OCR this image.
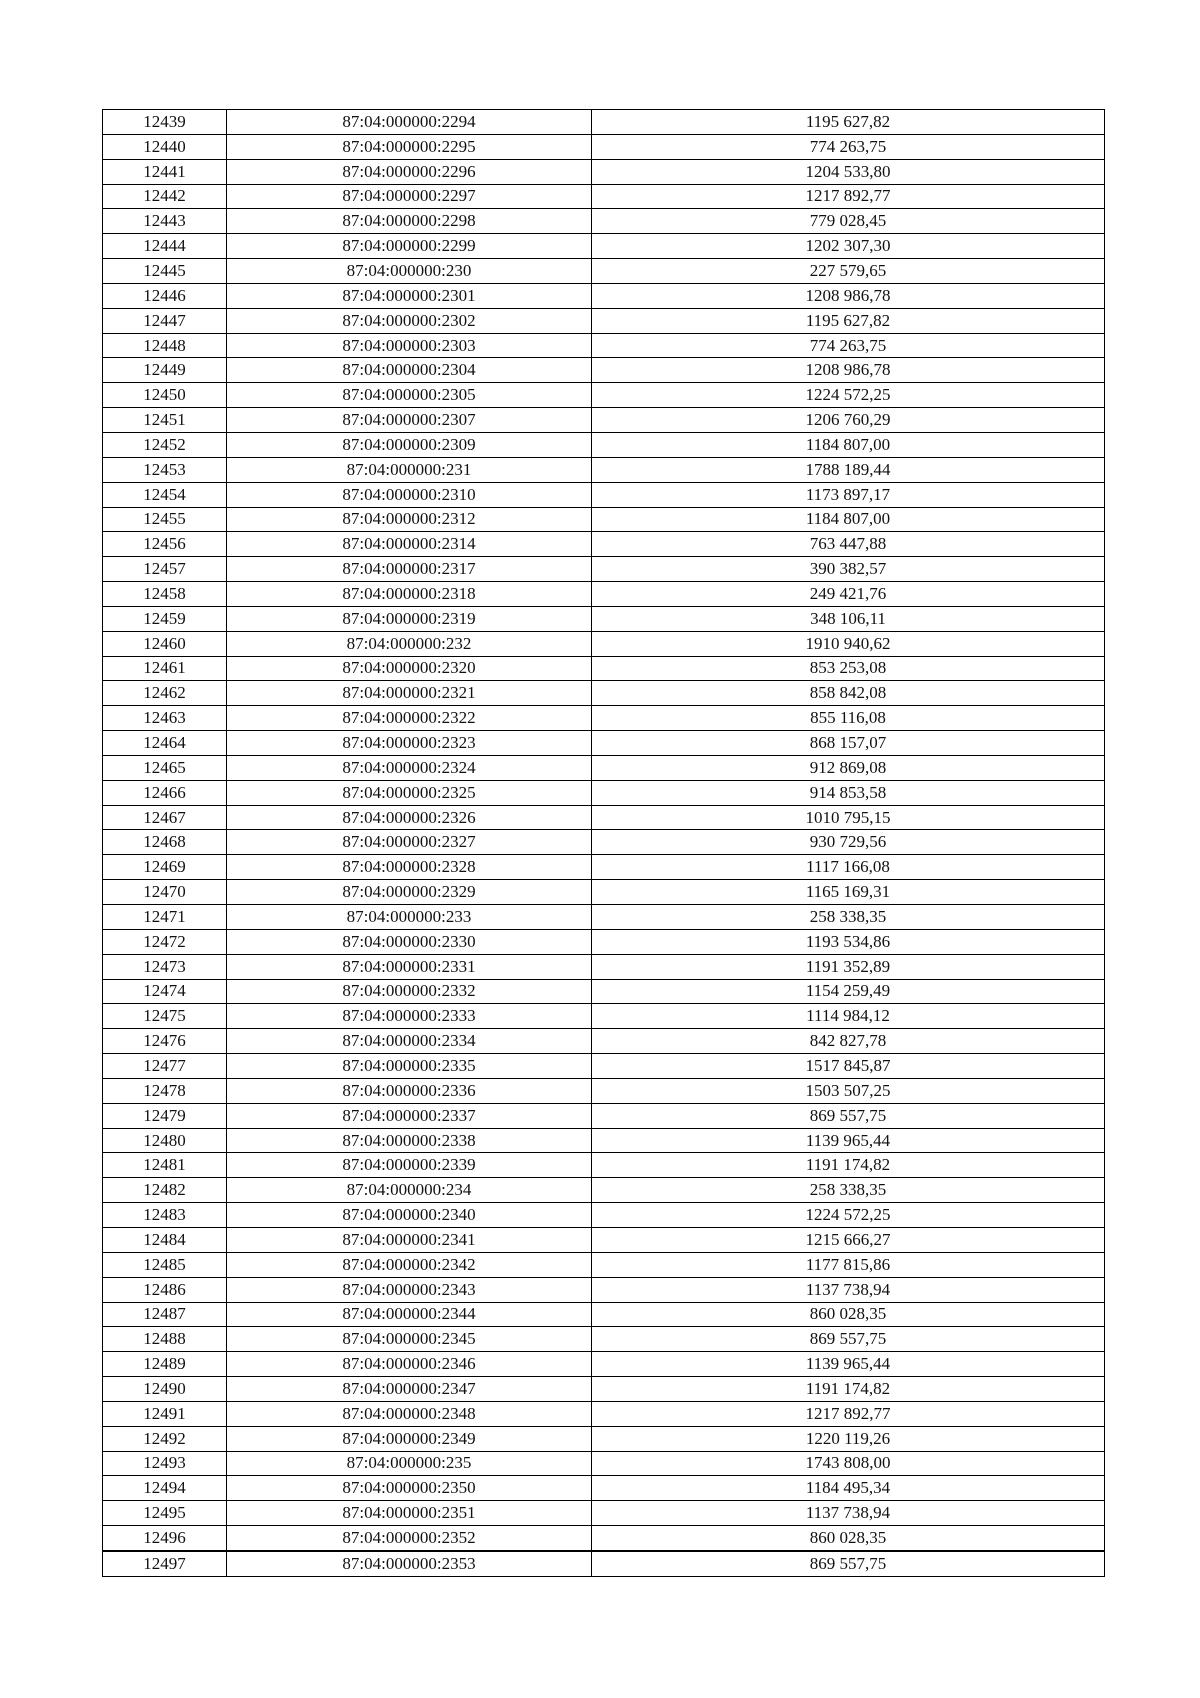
12439	87:04:000000:2294	1195 627,82
12440	87:04:000000:2295	774 263,75
12441	87:04:000000:2296	1204 533,80
12442	87:04:000000:2297	1217 892,77
12443	87:04:000000:2298	779 028,45
12444	87:04:000000:2299	1202 307,30
12445	87:04:000000:230	227 579,65
12446	87:04:000000:2301	1208 986,78
12447	87:04:000000:2302	1195 627,82
12448	87:04:000000:2303	774 263,75
12449	87:04:000000:2304	1208 986,78
12450	87:04:000000:2305	1224 572,25
12451	87:04:000000:2307	1206 760,29
12452	87:04:000000:2309	1184 807,00
12453	87:04:000000:231	1788 189,44
12454	87:04:000000:2310	1173 897,17
12455	87:04:000000:2312	1184 807,00
12456	87:04:000000:2314	763 447,88
12457	87:04:000000:2317	390 382,57
12458	87:04:000000:2318	249 421,76
12459	87:04:000000:2319	348 106,11
12460	87:04:000000:232	1910 940,62
12461	87:04:000000:2320	853 253,08
12462	87:04:000000:2321	858 842,08
12463	87:04:000000:2322	855 116,08
12464	87:04:000000:2323	868 157,07
12465	87:04:000000:2324	912 869,08
12466	87:04:000000:2325	914 853,58
12467	87:04:000000:2326	1010 795,15
12468	87:04:000000:2327	930 729,56
12469	87:04:000000:2328	1117 166,08
12470	87:04:000000:2329	1165 169,31
12471	87:04:000000:233	258 338,35
12472	87:04:000000:2330	1193 534,86
12473	87:04:000000:2331	1191 352,89
12474	87:04:000000:2332	1154 259,49
12475	87:04:000000:2333	1114 984,12
12476	87:04:000000:2334	842 827,78
12477	87:04:000000:2335	1517 845,87
12478	87:04:000000:2336	1503 507,25
12479	87:04:000000:2337	869 557,75
12480	87:04:000000:2338	1139 965,44
12481	87:04:000000:2339	1191 174,82
12482	87:04:000000:234	258 338,35
12483	87:04:000000:2340	1224 572,25
12484	87:04:000000:2341	1215 666,27
12485	87:04:000000:2342	1177 815,86
12486	87:04:000000:2343	1137 738,94
12487	87:04:000000:2344	860 028,35
12488	87:04:000000:2345	869 557,75
12489	87:04:000000:2346	1139 965,44
12490	87:04:000000:2347	1191 174,82
12491	87:04:000000:2348	1217 892,77
12492	87:04:000000:2349	1220 119,26
12493	87:04:000000:235	1743 808,00
12494	87:04:000000:2350	1184 495,34
12495	87:04:000000:2351	1137 738,94
12496	87:04:000000:2352	860 028,35
12497	87:04:000000:2353	869 557,75
